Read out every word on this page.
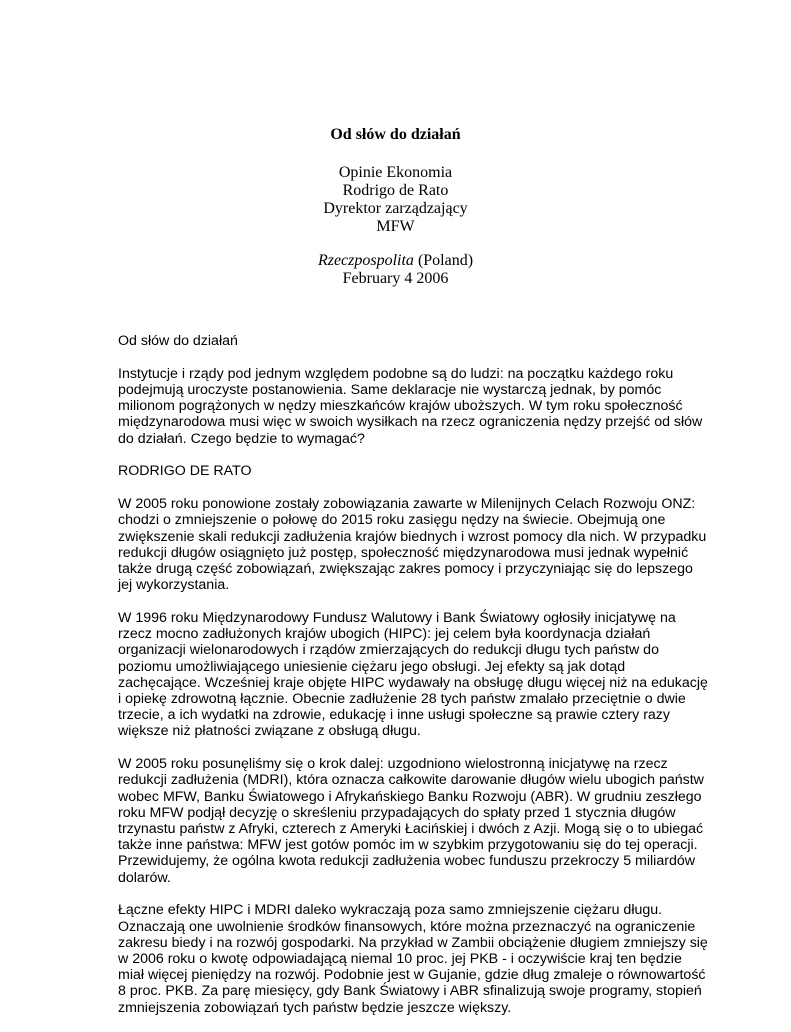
Od słów do działań
Opinie Ekonomia
Rodrigo de Rato
Dyrektor zarządzający
MFW
Rzeczpospolita (Poland)
February 4 2006

Od słów do działań

Instytucje i rządy pod jednym względem podobne są do ludzi: na początku każdego roku podejmują uroczyste postanowienia. Same deklaracje nie wystarczą jednak, by pomóc milionom pogrążonych w nędzy mieszkańców krajów uboższych. W tym roku społeczność międzynarodowa musi więc w swoich wysiłkach na rzecz ograniczenia nędzy przejść od słów do działań. Czego będzie to wymagać?

RODRIGO DE RATO

W 2005 roku ponowione zostały zobowiązania zawarte w Milenijnych Celach Rozwoju ONZ: chodzi o zmniejszenie o połowę do 2015 roku zasięgu nędzy na świecie. Obejmują one zwiększenie skali redukcji zadłużenia krajów biednych i wzrost pomocy dla nich. W przypadku redukcji długów osiągnięto już postęp, społeczność międzynarodowa musi jednak wypełnić także drugą część zobowiązań, zwiększając zakres pomocy i przyczyniając się do lepszego jej wykorzystania.

W 1996 roku Międzynarodowy Fundusz Walutowy i Bank Światowy ogłosiły inicjatywę na rzecz mocno zadłużonych krajów ubogich (HIPC): jej celem była koordynacja działań organizacji wielonarodowych i rządów zmierzających do redukcji długu tych państw do poziomu umożliwiającego uniesienie ciężaru jego obsługi. Jej efekty są jak dotąd zachęcające. Wcześniej kraje objęte HIPC wydawały na obsługę długu więcej niż na edukację i opiekę zdrowotną łącznie. Obecnie zadłużenie 28 tych państw zmalało przeciętnie o dwie trzecie, a ich wydatki na zdrowie, edukację i inne usługi społeczne są prawie cztery razy większe niż płatności związane z obsługą długu.

W 2005 roku posunęliśmy się o krok dalej: uzgodniono wielostronną inicjatywę na rzecz redukcji zadłużenia (MDRI), która oznacza całkowite darowanie długów wielu ubogich państw wobec MFW, Banku Światowego i Afrykańskiego Banku Rozwoju (ABR). W grudniu zeszłego roku MFW podjął decyzję o skreśleniu przypadających do spłaty przed 1 stycznia długów trzynastu państw z Afryki, czterech z Ameryki Łacińskiej i dwóch z Azji. Mogą się o to ubiegać także inne państwa: MFW jest gotów pomóc im w szybkim przygotowaniu się do tej operacji. Przewidujemy, że ogólna kwota redukcji zadłużenia wobec funduszu przekroczy 5 miliardów dolarów.

Łączne efekty HIPC i MDRI daleko wykraczają poza samo zmniejszenie ciężaru długu. Oznaczają one uwolnienie środków finansowych, które można przeznaczyć na ograniczenie zakresu biedy i na rozwój gospodarki. Na przykład w Zambii obciążenie długiem zmniejszy się w 2006 roku o kwotę odpowiadającą niemal 10 proc. jej PKB - i oczywiście kraj ten będzie miał więcej pieniędzy na rozwój. Podobnie jest w Gujanie, gdzie dług zmaleje o równowartość 8 proc. PKB. Za parę miesięcy, gdy Bank Światowy i ABR sfinalizują swoje programy, stopień zmniejszenia zobowiązań tych państw będzie jeszcze większy.
